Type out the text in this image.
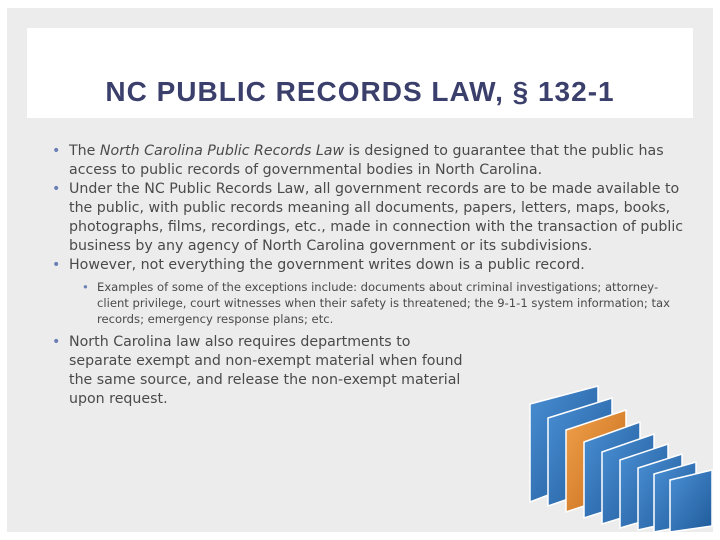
NC PUBLIC RECORDS LAW, § 132-1
• The North Carolina Public Records Law is designed to guarantee that the public has access to public records of governmental bodies in North Carolina.
• Under the NC Public Records Law, all government records are to be made available to the public, with public records meaning all documents, papers, letters, maps, books, photographs, films, recordings, etc., made in connection with the transaction of public business by any agency of North Carolina government or its subdivisions.
• However, not everything the government writes down is a public record.
• Examples of some of the exceptions include: documents about criminal investigations; attorney-client privilege, court witnesses when their safety is threatened; the 9-1-1 system information; tax records; emergency response plans; etc.
• North Carolina law also requires departments to separate exempt and non-exempt material when found the same source, and release the non-exempt material upon request.
